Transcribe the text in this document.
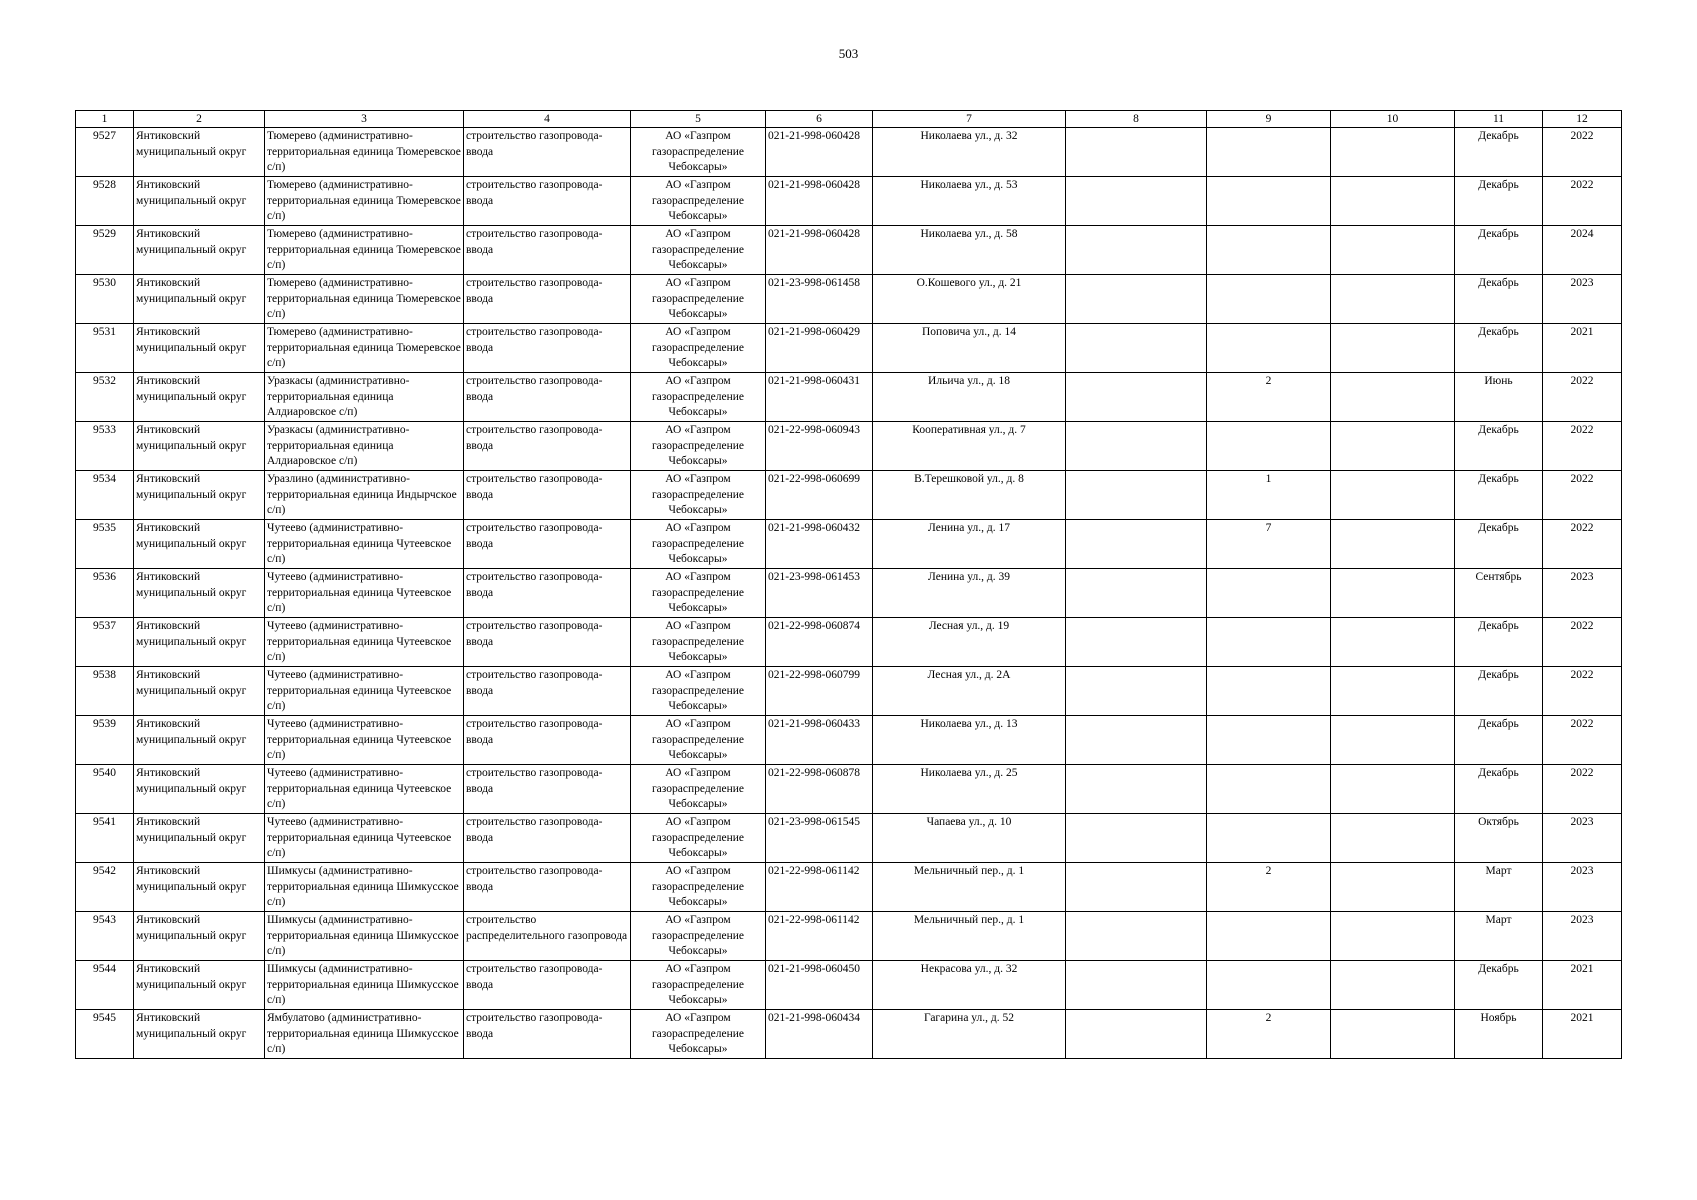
503
1	2	3	4	5	6	7	8	9	10	11	12
9527	Янтиковский муниципальный округ	Тюмерево (административно-территориальная единица Тюмеревское с/п)	строительство газопровода-ввода	АО «Газпром газораспределение Чебоксары»	021-21-998-060428	Николаева ул., д. 32				Декабрь	2022
9528	Янтиковский муниципальный округ	Тюмерево (административно-территориальная единица Тюмеревское с/п)	строительство газопровода-ввода	АО «Газпром газораспределение Чебоксары»	021-21-998-060428	Николаева ул., д. 53				Декабрь	2022
9529	Янтиковский муниципальный округ	Тюмерево (административно-территориальная единица Тюмеревское с/п)	строительство газопровода-ввода	АО «Газпром газораспределение Чебоксары»	021-21-998-060428	Николаева ул., д. 58				Декабрь	2024
9530	Янтиковский муниципальный округ	Тюмерево (административно-территориальная единица Тюмеревское с/п)	строительство газопровода-ввода	АО «Газпром газораспределение Чебоксары»	021-23-998-061458	О.Кошевого ул., д. 21				Декабрь	2023
9531	Янтиковский муниципальный округ	Тюмерево (административно-территориальная единица Тюмеревское с/п)	строительство газопровода-ввода	АО «Газпром газораспределение Чебоксары»	021-21-998-060429	Поповича ул., д. 14				Декабрь	2021
9532	Янтиковский муниципальный округ	Уразкасы (административно-территориальная единица Алдиаровское с/п)	строительство газопровода-ввода	АО «Газпром газораспределение Чебоксары»	021-21-998-060431	Ильича ул., д. 18		2		Июнь	2022
9533	Янтиковский муниципальный округ	Уразкасы (административно-территориальная единица Алдиаровское с/п)	строительство газопровода-ввода	АО «Газпром газораспределение Чебоксары»	021-22-998-060943	Кооперативная ул., д. 7				Декабрь	2022
9534	Янтиковский муниципальный округ	Уразлино (административно-территориальная единица Индырчское с/п)	строительство газопровода-ввода	АО «Газпром газораспределение Чебоксары»	021-22-998-060699	В.Терешковой ул., д. 8		1		Декабрь	2022
9535	Янтиковский муниципальный округ	Чутеево (административно-территориальная единица Чутеевское с/п)	строительство газопровода-ввода	АО «Газпром газораспределение Чебоксары»	021-21-998-060432	Ленина ул., д. 17		7		Декабрь	2022
9536	Янтиковский муниципальный округ	Чутеево (административно-территориальная единица Чутеевское с/п)	строительство газопровода-ввода	АО «Газпром газораспределение Чебоксары»	021-23-998-061453	Ленина ул., д. 39				Сентябрь	2023
9537	Янтиковский муниципальный округ	Чутеево (административно-территориальная единица Чутеевское с/п)	строительство газопровода-ввода	АО «Газпром газораспределение Чебоксары»	021-22-998-060874	Лесная ул., д. 19				Декабрь	2022
9538	Янтиковский муниципальный округ	Чутеево (административно-территориальная единица Чутеевское с/п)	строительство газопровода-ввода	АО «Газпром газораспределение Чебоксары»	021-22-998-060799	Лесная ул., д. 2А				Декабрь	2022
9539	Янтиковский муниципальный округ	Чутеево (административно-территориальная единица Чутеевское с/п)	строительство газопровода-ввода	АО «Газпром газораспределение Чебоксары»	021-21-998-060433	Николаева ул., д. 13				Декабрь	2022
9540	Янтиковский муниципальный округ	Чутеево (административно-территориальная единица Чутеевское с/п)	строительство газопровода-ввода	АО «Газпром газораспределение Чебоксары»	021-22-998-060878	Николаева ул., д. 25				Декабрь	2022
9541	Янтиковский муниципальный округ	Чутеево (административно-территориальная единица Чутеевское с/п)	строительство газопровода-ввода	АО «Газпром газораспределение Чебоксары»	021-23-998-061545	Чапаева ул., д. 10				Октябрь	2023
9542	Янтиковский муниципальный округ	Шимкусы (административно-территориальная единица Шимкусское с/п)	строительство газопровода-ввода	АО «Газпром газораспределение Чебоксары»	021-22-998-061142	Мельничный пер., д. 1		2		Март	2023
9543	Янтиковский муниципальный округ	Шимкусы (административно-территориальная единица Шимкусское с/п)	строительство распределительного газопровода	АО «Газпром газораспределение Чебоксары»	021-22-998-061142	Мельничный пер., д. 1				Март	2023
9544	Янтиковский муниципальный округ	Шимкусы (административно-территориальная единица Шимкусское с/п)	строительство газопровода-ввода	АО «Газпром газораспределение Чебоксары»	021-21-998-060450	Некрасова ул., д. 32				Декабрь	2021
9545	Янтиковский муниципальный округ	Ямбулатово (административно-территориальная единица Шимкусское с/п)	строительство газопровода-ввода	АО «Газпром газораспределение Чебоксары»	021-21-998-060434	Гагарина ул., д. 52		2		Ноябрь	2021
